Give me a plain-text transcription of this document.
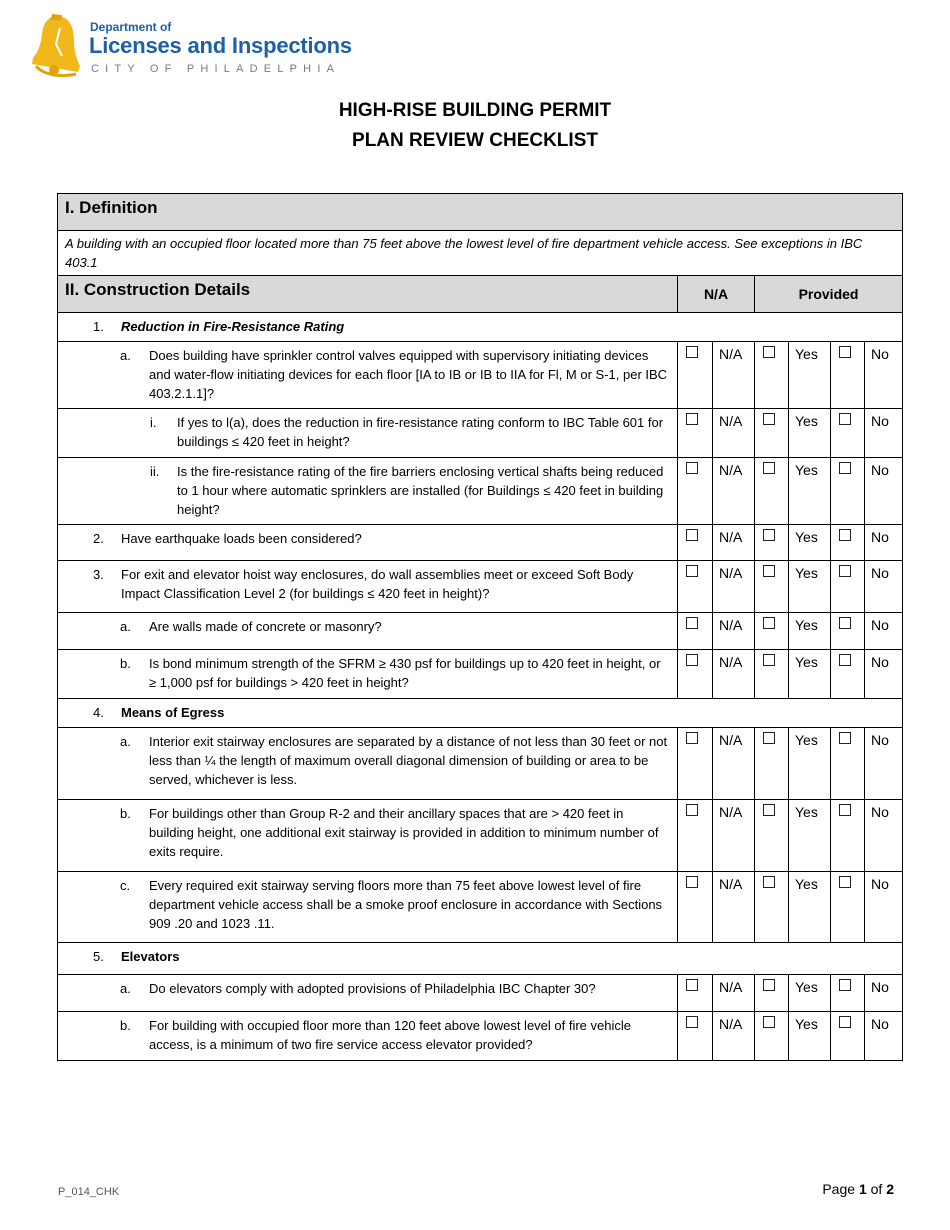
Department of
Licenses and Inspections
CITY OF PHILADELPHIA
HIGH-RISE BUILDING PERMIT
PLAN REVIEW CHECKLIST
I. Definition						
A building with an occupied floor located more than 75 feet above the lowest level of fire department vehicle access. See exceptions in IBC 403.1						
II. Construction Details	N/A		Provided			

1. Reduction in Fire-Resistance Rating						

a. Does building have sprinkler control valves equipped with supervisory initiating devices and water-flow initiating devices for each floor [IA to IB or IB to IIA for Fl, M or S-1, per IBC 403.2.1.1]?		N/A		Yes		No

i. If yes to l(a), does the reduction in fire-resistance rating conform to IBC Table 601 for buildings ≤ 420 feet in height?		N/A		Yes		No

ii. Is the fire-resistance rating of the fire barriers enclosing vertical shafts being reduced to 1 hour where automatic sprinklers are installed (for Buildings ≤ 420 feet in building height?		N/A		Yes		No

2. Have earthquake loads been considered?		N/A		Yes		No

3. For exit and elevator hoist way enclosures, do wall assemblies meet or exceed Soft Body Impact Classification Level 2 (for buildings ≤ 420 feet in height)?		N/A		Yes		No

a. Are walls made of concrete or masonry?		N/A		Yes		No

b. Is bond minimum strength of the SFRM ≥ 430 psf for buildings up to 420 feet in height, or ≥ 1,000 psf for buildings > 420 feet in height?		N/A		Yes		No

4. Means of Egress						

a. Interior exit stairway enclosures are separated by a distance of not less than 30 feet or not less than ¼ the length of maximum overall diagonal dimension of building or area to be served, whichever is less.		N/A		Yes		No

b. For buildings other than Group R-2 and their ancillary spaces that are > 420 feet in building height, one additional exit stairway is provided in addition to minimum number of exits require.		N/A		Yes		No

c. Every required exit stairway serving floors more than 75 feet above lowest level of fire department vehicle access shall be a smoke proof enclosure in accordance with Sections 909 .20 and 1023 .11.		N/A		Yes		No

5. Elevators						

a. Do elevators comply with adopted provisions of Philadelphia IBC Chapter 30?		N/A		Yes		No

b. For building with occupied floor more than 120 feet above lowest level of fire vehicle access, is a minimum of two fire service access elevator provided?		N/A		Yes		No
P_014_CHK	Page 1 of 2
